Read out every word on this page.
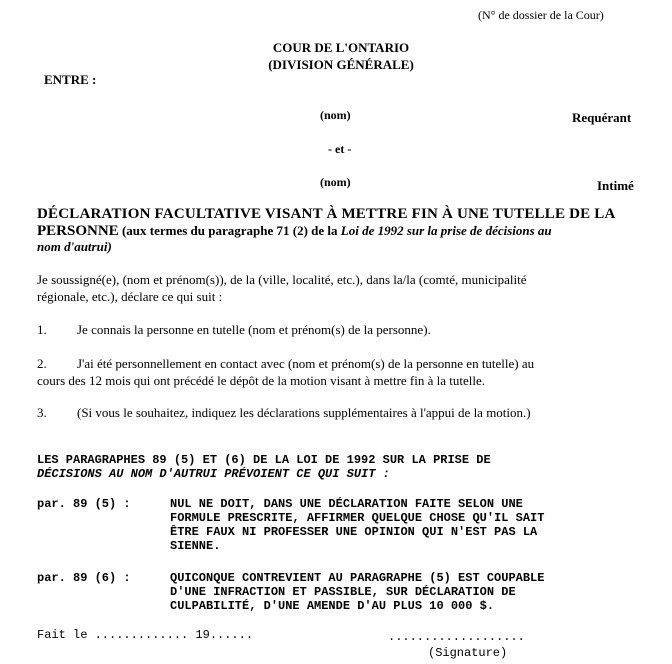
(N° de dossier de la Cour)
COUR DE L'ONTARIO
(DIVISION GÉNÉRALE)
ENTRE :
(nom)	Requérant
- et -
(nom)	Intimé
DÉCLARATION FACULTATIVE VISANT À METTRE FIN À UNE TUTELLE DE LA
PERSONNE (aux termes du paragraphe 71 (2) de la Loi de 1992 sur la prise de décisions au
nom d'autrui)
Je soussigné(e), (nom et prénom(s)), de la (ville, localité, etc.), dans la/la (comté, municipalité
régionale, etc.), déclare ce qui suit :
1. Je connais la personne en tutelle (nom et prénom(s) de la personne).
2. J'ai été personnellement en contact avec (nom et prénom(s) de la personne en tutelle) au
cours des 12 mois qui ont précédé le dépôt de la motion visant à mettre fin à la tutelle.
3. (Si vous le souhaitez, indiquez les déclarations supplémentaires à l'appui de la motion.)
LES PARAGRAPHES 89 (5) ET (6) DE LA LOI DE 1992 SUR LA PRISE DE
DÉCISIONS AU NOM D'AUTRUI PRÉVOIENT CE QUI SUIT :
par. 89 (5) :	NUL NE DOIT, DANS UNE DÉCLARATION FAITE SELON UNE
FORMULE PRESCRITE, AFFIRMER QUELQUE CHOSE QU'IL SAIT
ÊTRE FAUX NI PROFESSER UNE OPINION QUI N'EST PAS LA
SIENNE.
par. 89 (6) :	QUICONQUE CONTREVIENT AU PARAGRAPHE (5) EST COUPABLE
D'UNE INFRACTION ET PASSIBLE, SUR DÉCLARATION DE
CULPABILITÉ, D'UNE AMENDE D'AU PLUS 10 000 $.
Fait le ............. 19......	...................
(Signature)
